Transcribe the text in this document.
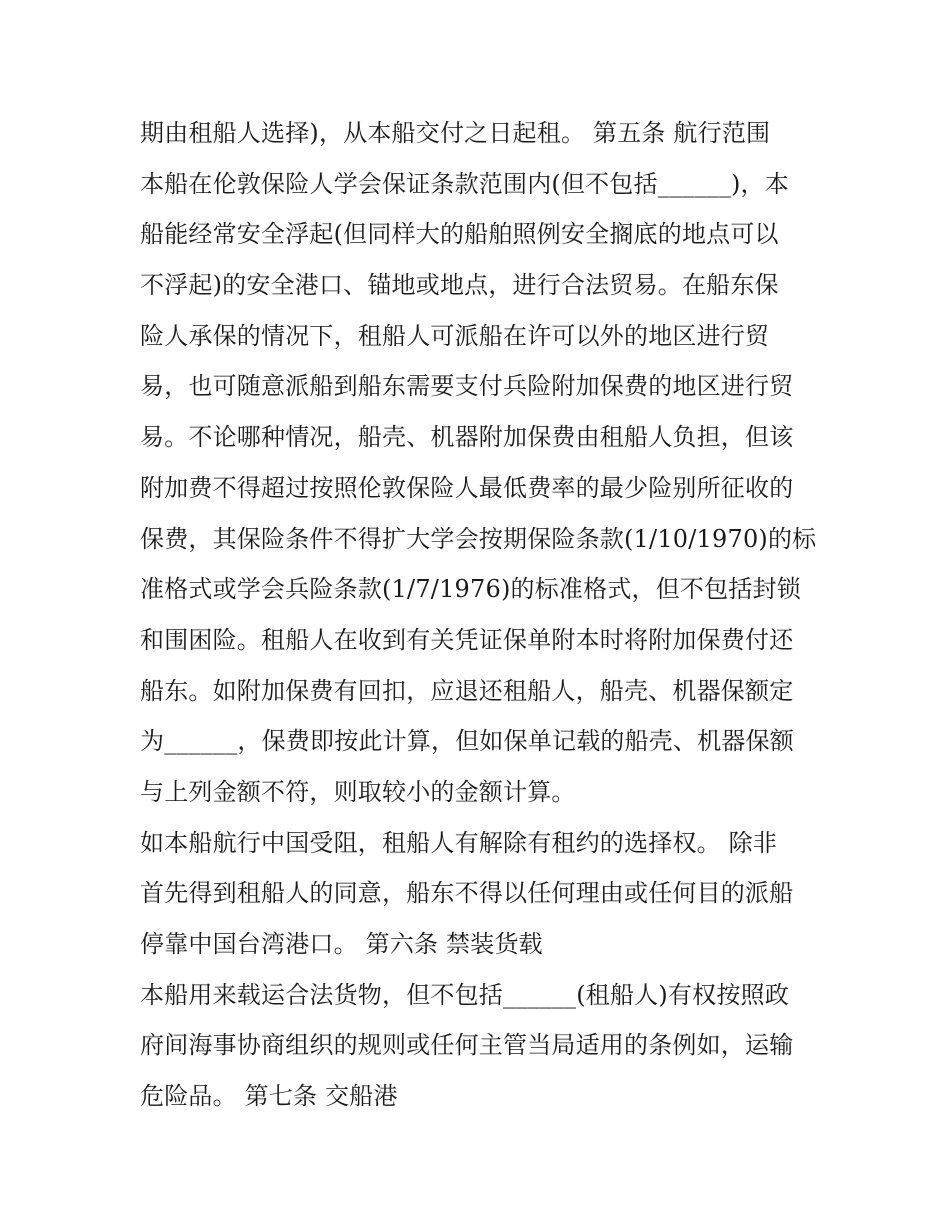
期由租船人选择)，从本船交付之日起租。 第五条 航行范围
本船在伦敦保险人学会保证条款范围内(但不包括______)，本
船能经常安全浮起(但同样大的船舶照例安全搁底的地点可以
不浮起)的安全港口、锚地或地点，进行合法贸易。在船东保
险人承保的情况下，租船人可派船在许可以外的地区进行贸
易，也可随意派船到船东需要支付兵险附加保费的地区进行贸
易。不论哪种情况，船壳、机器附加保费由租船人负担，但该
附加费不得超过按照伦敦保险人最低费率的最少险别所征收的
保费，其保险条件不得扩大学会按期保险条款(1/10/1970)的标
准格式或学会兵险条款(1/7/1976)的标准格式，但不包括封锁
和围困险。租船人在收到有关凭证保单附本时将附加保费付还
船东。如附加保费有回扣，应退还租船人，船壳、机器保额定
为______，保费即按此计算，但如保单记载的船壳、机器保额
与上列金额不符，则取较小的金额计算。
如本船航行中国受阻，租船人有解除有租约的选择权。 除非
首先得到租船人的同意，船东不得以任何理由或任何目的派船
停靠中国台湾港口。 第六条 禁装货载
本船用来载运合法货物，但不包括______(租船人)有权按照政
府间海事协商组织的规则或任何主管当局适用的条例如，运输
危险品。 第七条 交船港
